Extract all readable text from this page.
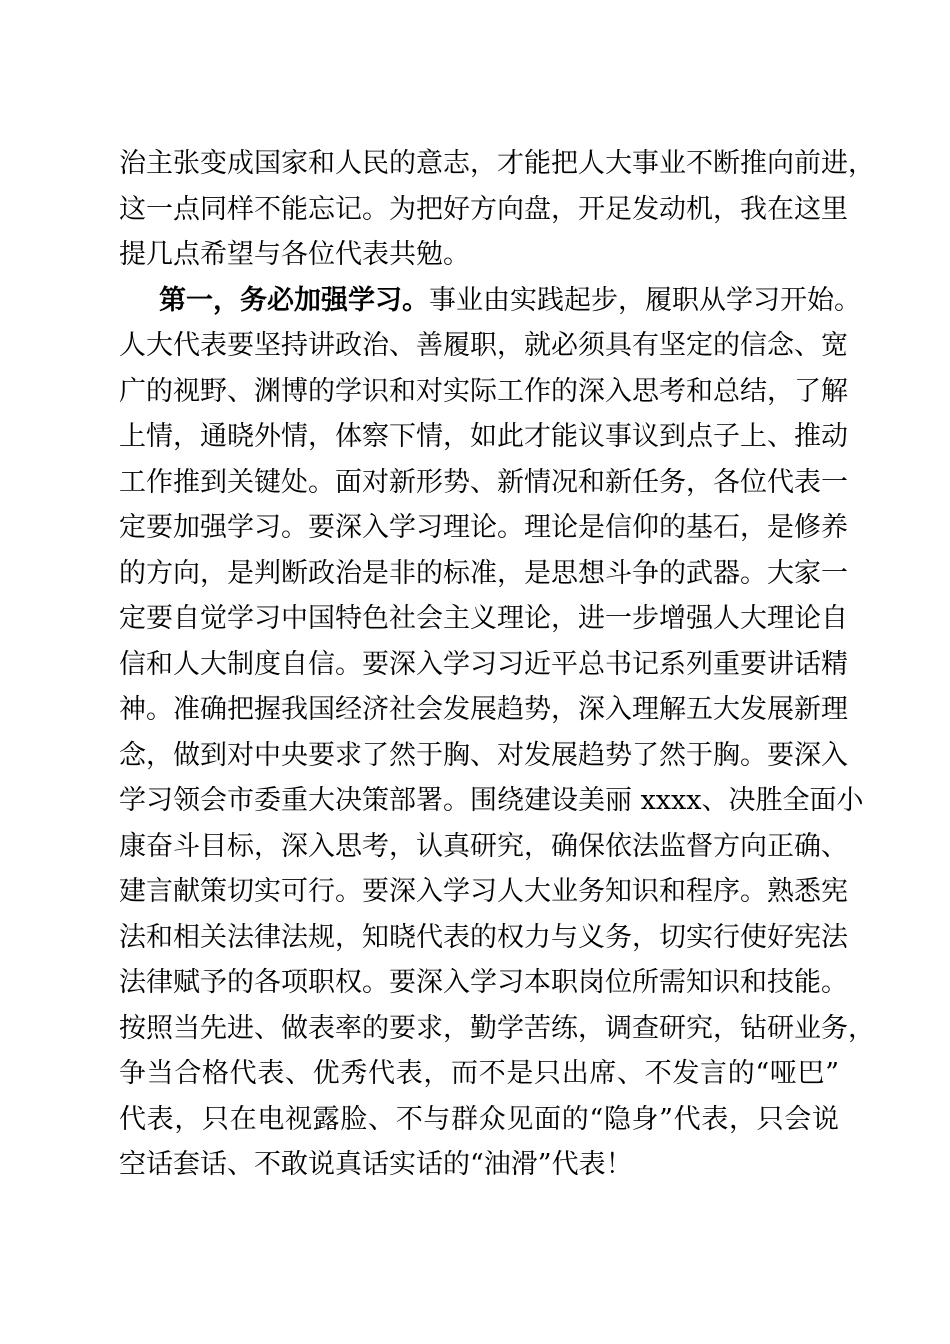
治主张变成国家和人民的意志，才能把人大事业不断推向前进，
这一点同样不能忘记。为把好方向盘，开足发动机，我在这里
提几点希望与各位代表共勉。
第一，务必加强学习。事业由实践起步，履职从学习开始。
人大代表要坚持讲政治、善履职，就必须具有坚定的信念、宽
广的视野、渊博的学识和对实际工作的深入思考和总结，了解
上情，通晓外情，体察下情，如此才能议事议到点子上、推动
工作推到关键处。面对新形势、新情况和新任务，各位代表一
定要加强学习。要深入学习理论。理论是信仰的基石，是修养
的方向，是判断政治是非的标准，是思想斗争的武器。大家一
定要自觉学习中国特色社会主义理论，进一步增强人大理论自
信和人大制度自信。要深入学习习近平总书记系列重要讲话精
神。准确把握我国经济社会发展趋势，深入理解五大发展新理
念，做到对中央要求了然于胸、对发展趋势了然于胸。要深入
学习领会市委重大决策部署。围绕建设美丽 xxxx、决胜全面小
康奋斗目标，深入思考，认真研究，确保依法监督方向正确、
建言献策切实可行。要深入学习人大业务知识和程序。熟悉宪
法和相关法律法规，知晓代表的权力与义务，切实行使好宪法
法律赋予的各项职权。要深入学习本职岗位所需知识和技能。
按照当先进、做表率的要求，勤学苦练，调查研究，钻研业务，
争当合格代表、优秀代表，而不是只出席、不发言的“哑巴”
代表，只在电视露脸、不与群众见面的“隐身”代表，只会说
空话套话、不敢说真话实话的“油滑”代表！
